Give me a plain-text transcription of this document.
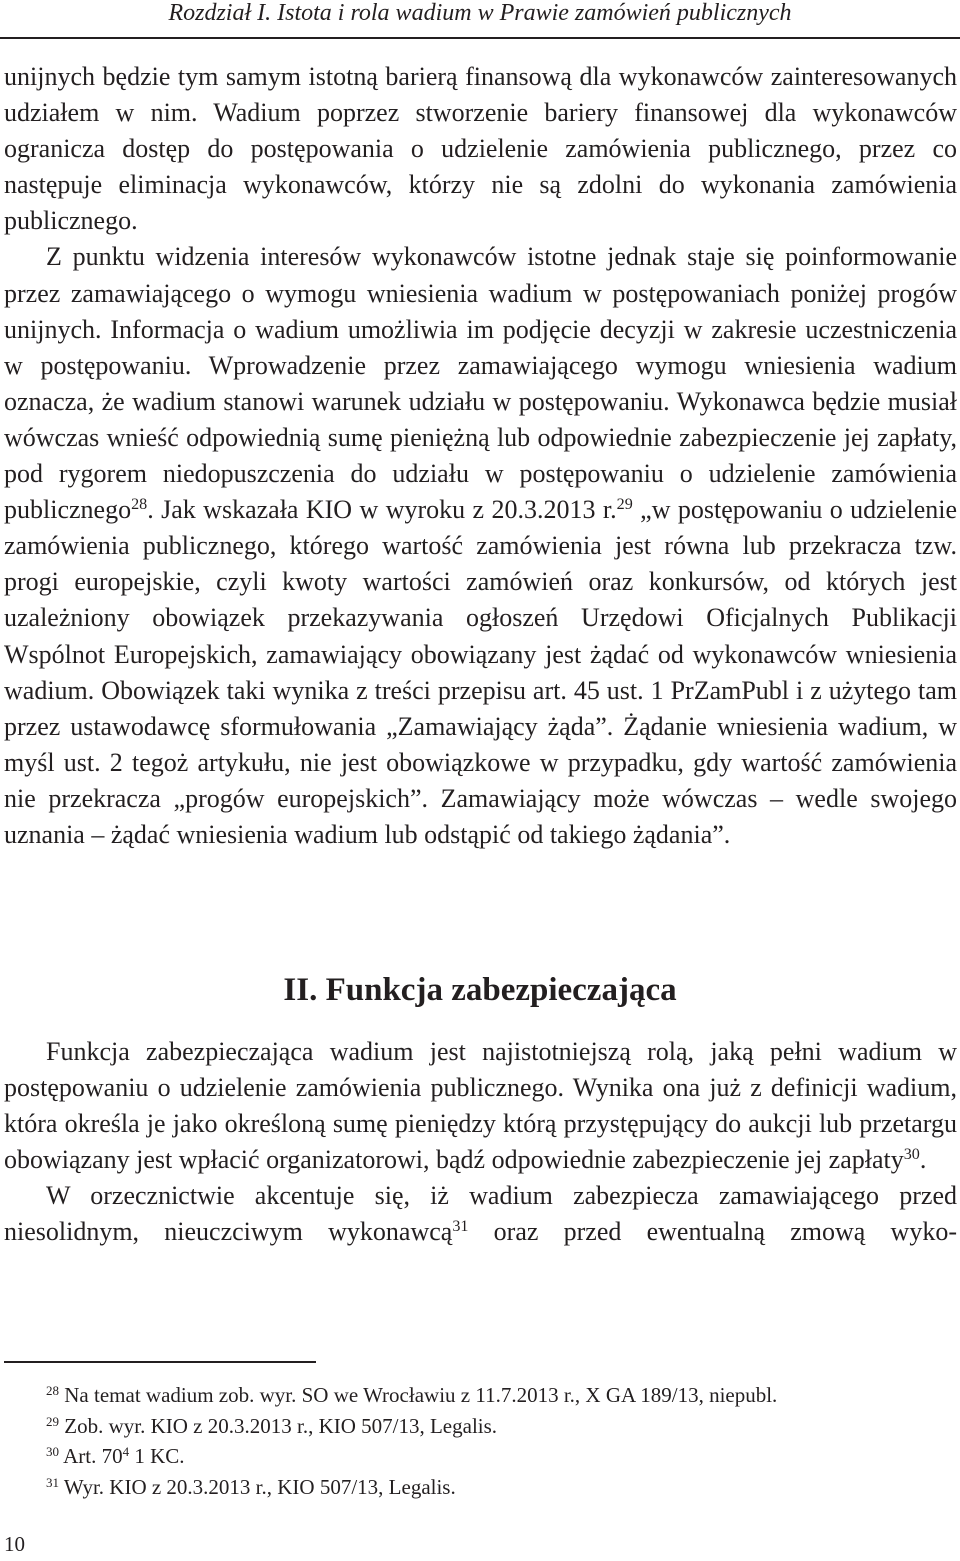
Rozdział I. Istota i rola wadium w Prawie zamówień publicznych

unijnych będzie tym samym istotną barierą finansową dla wykonawców zainteresowanych udziałem w nim. Wadium poprzez stworzenie bariery finansowej dla wykonawców ogranicza dostęp do postępowania o udzielenie zamówienia publicznego, przez co następuje eliminacja wykonawców, którzy nie są zdolni do wykonania zamówienia publicznego.

Z punktu widzenia interesów wykonawców istotne jednak staje się poinformowanie przez zamawiającego o wymogu wniesienia wadium w postępowaniach poniżej progów unijnych. Informacja o wadium umożliwia im podjęcie decyzji w zakresie uczestniczenia w postępowaniu. Wprowadzenie przez zamawiającego wymogu wniesienia wadium oznacza, że wadium stanowi warunek udziału w postępowaniu. Wykonawca będzie musiał wówczas wnieść odpowiednią sumę pieniężną lub odpowiednie zabezpieczenie jej zapłaty, pod rygorem niedopuszczenia do udziału w postępowaniu o udzielenie zamówienia publicznego$^{28}$. Jak wskazała KIO w wyroku z 20.3.2013 r.$^{29}$ „w postępowaniu o udzielenie zamówienia publicznego, którego wartość zamówienia jest równa lub przekracza tzw. progi europejskie, czyli kwoty wartości zamówień oraz konkursów, od których jest uzależniony obowiązek przekazywania ogłoszeń Urzędowi Oficjalnych Publikacji Wspólnot Europejskich, zamawiający obowiązany jest żądać od wykonawców wniesienia wadium. Obowiązek taki wynika z treści przepisu art. 45 ust. 1 PrZamPubl i z użytego tam przez ustawodawcę sformułowania „Zamawiający żąda”. Żądanie wniesienia wadium, w myśl ust. 2 tegoż artykułu, nie jest obowiązkowe w przypadku, gdy wartość zamówienia nie przekracza „progów europejskich”. Zamawiający może wówczas – wedle swojego uznania – żądać wniesienia wadium lub odstąpić od takiego żądania”.

II. Funkcja zabezpieczająca

Funkcja zabezpieczająca wadium jest najistotniejszą rolą, jaką pełni wadium w postępowaniu o udzielenie zamówienia publicznego. Wynika ona już z definicji wadium, która określa je jako określoną sumę pieniędzy którą przystępujący do aukcji lub przetargu obowiązany jest wpłacić organizatorowi, bądź odpowiednie zabezpieczenie jej zapłaty$^{30}$.

W orzecznictwie akcentuje się, iż wadium zabezpiecza zamawiającego przed niesolidnym, nieuczciwym wykonawcą$^{31}$ oraz przed ewentualną zmową wyko-

$^{28}$ Na temat wadium zob. wyr. SO we Wrocławiu z 11.7.2013 r., X GA 189/13, niepubl.
$^{29}$ Zob. wyr. KIO z 20.3.2013 r., KIO 507/13, Legalis.
$^{30}$ Art. $70^4$ 1 KC.
$^{31}$ Wyr. KIO z 20.3.2013 r., KIO 507/13, Legalis.
10
